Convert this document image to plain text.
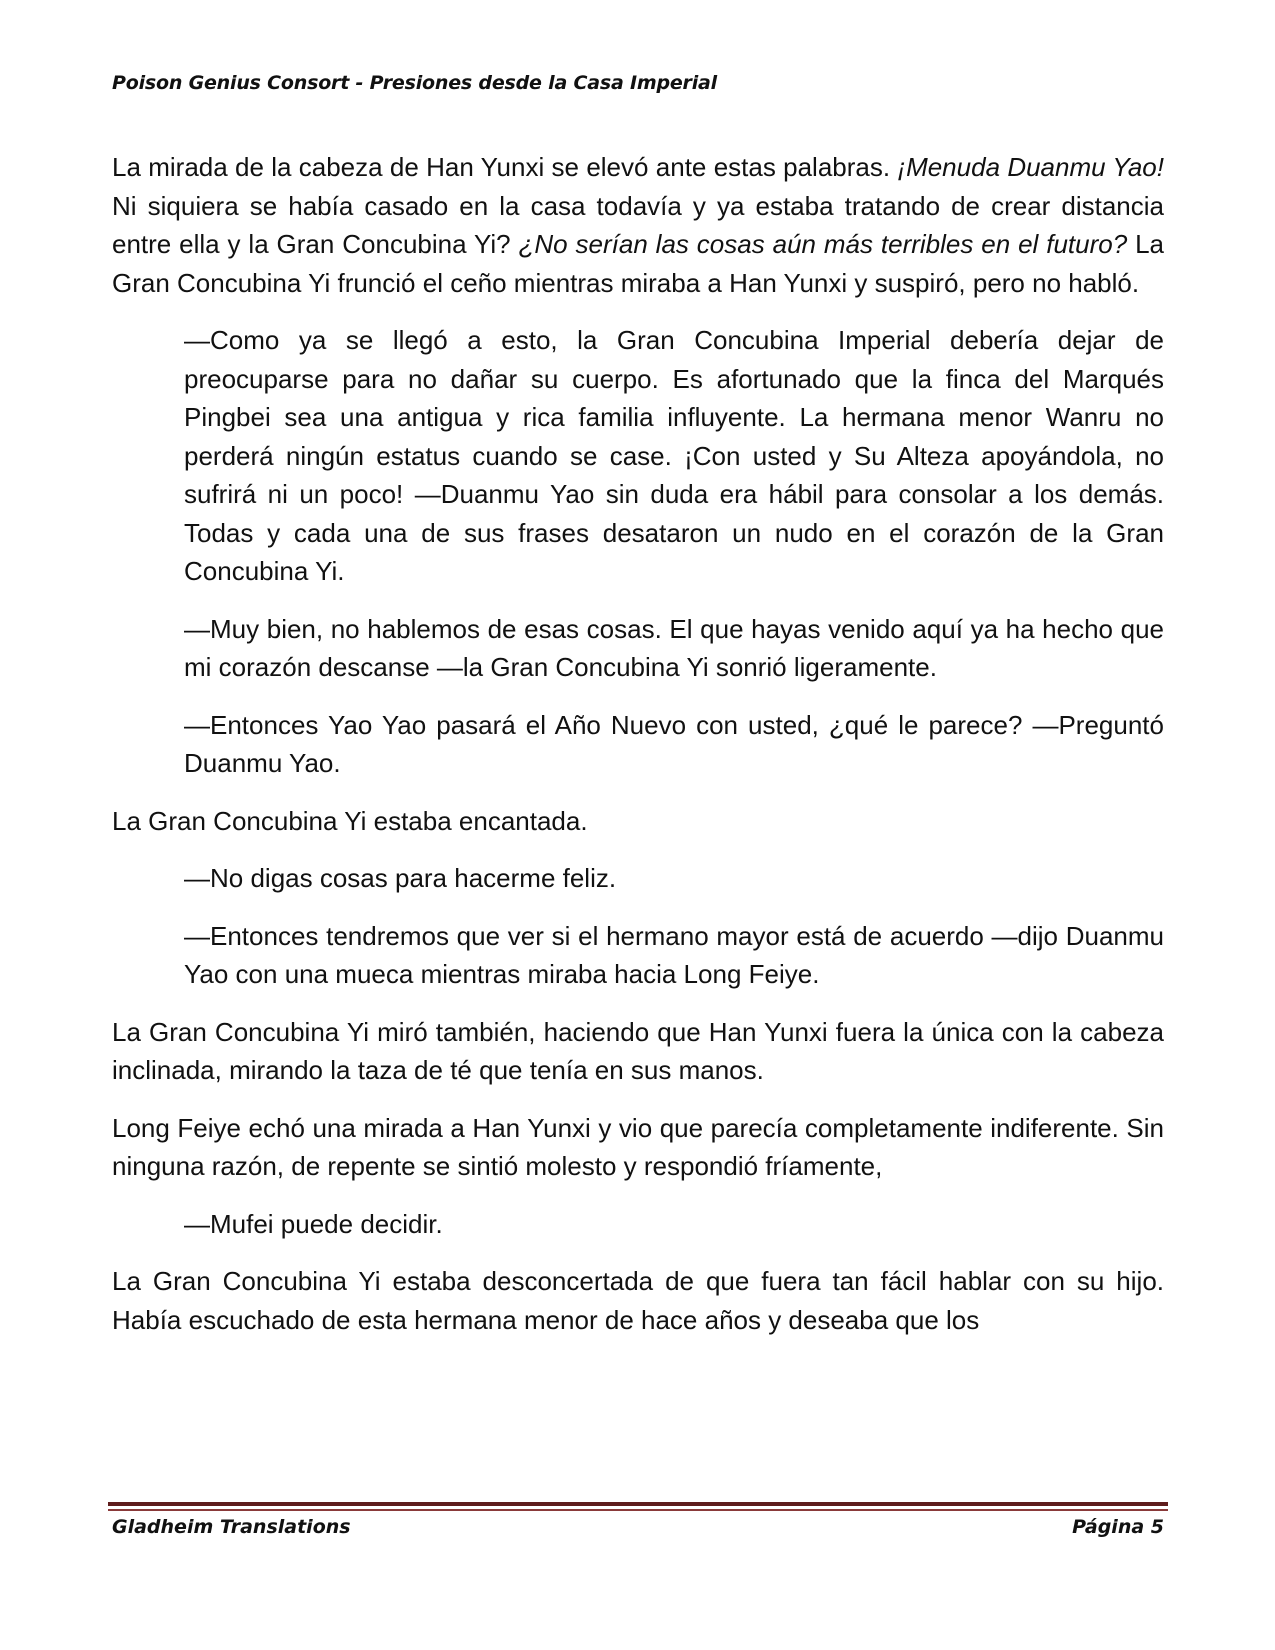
Poison Genius Consort - Presiones desde la Casa Imperial

La mirada de la cabeza de Han Yunxi se elevó ante estas palabras. ¡Menuda Duanmu Yao! Ni siquiera se había casado en la casa todavía y ya estaba tratando de crear distancia entre ella y la Gran Concubina Yi? ¿No serían las cosas aún más terribles en el futuro? La Gran Concubina Yi frunció el ceño mientras miraba a Han Yunxi y suspiró, pero no habló.

—Como ya se llegó a esto, la Gran Concubina Imperial debería dejar de preocuparse para no dañar su cuerpo. Es afortunado que la finca del Marqués Pingbei sea una antigua y rica familia influyente. La hermana menor Wanru no perderá ningún estatus cuando se case. ¡Con usted y Su Alteza apoyándola, no sufrirá ni un poco! —Duanmu Yao sin duda era hábil para consolar a los demás. Todas y cada una de sus frases desataron un nudo en el corazón de la Gran Concubina Yi.

—Muy bien, no hablemos de esas cosas. El que hayas venido aquí ya ha hecho que mi corazón descanse —la Gran Concubina Yi sonrió ligeramente.

—Entonces Yao Yao pasará el Año Nuevo con usted, ¿qué le parece? —Preguntó Duanmu Yao.

La Gran Concubina Yi estaba encantada.

—No digas cosas para hacerme feliz.

—Entonces tendremos que ver si el hermano mayor está de acuerdo —dijo Duanmu Yao con una mueca mientras miraba hacia Long Feiye.

La Gran Concubina Yi miró también, haciendo que Han Yunxi fuera la única con la cabeza inclinada, mirando la taza de té que tenía en sus manos.

Long Feiye echó una mirada a Han Yunxi y vio que parecía completamente indiferente. Sin ninguna razón, de repente se sintió molesto y respondió fríamente,

—Mufei puede decidir.

La Gran Concubina Yi estaba desconcertada de que fuera tan fácil hablar con su hijo. Había escuchado de esta hermana menor de hace años y deseaba que los

Gladheim Translations	Página 5
